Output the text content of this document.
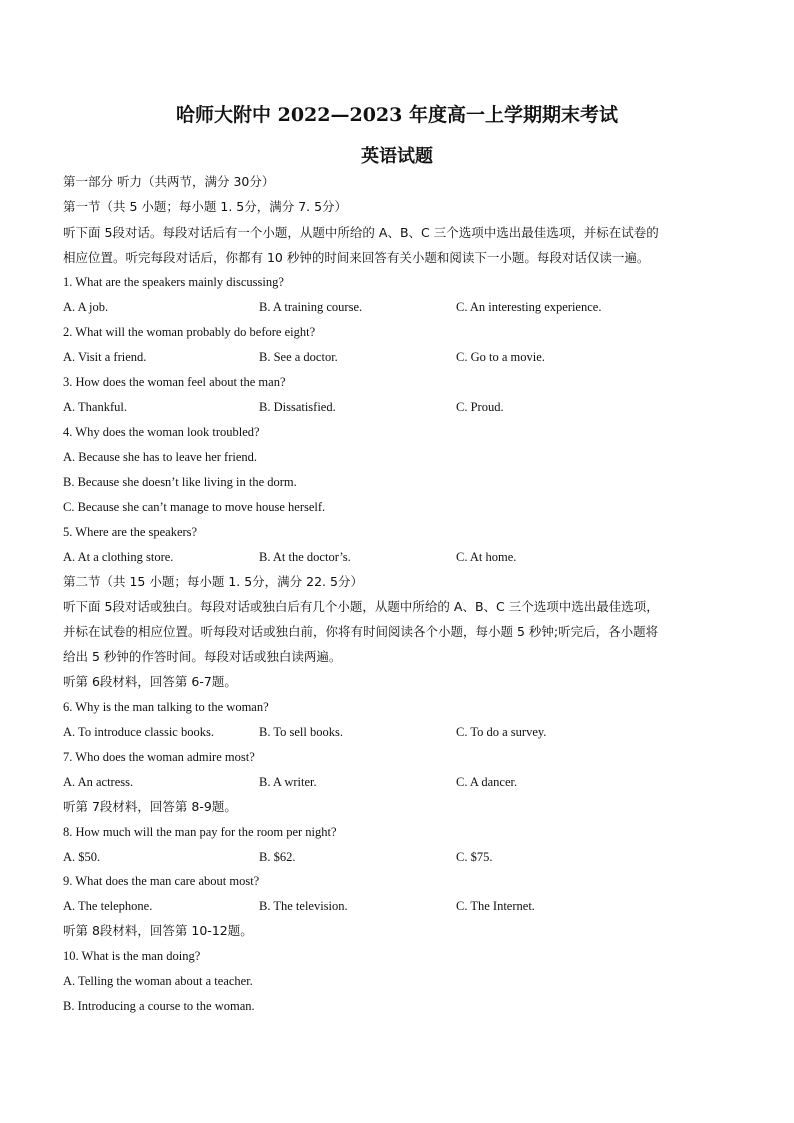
哈师大附中 2022—2023 年度高一上学期期末考试
英语试题
第一部分 听力（共两节，满分 30分）
第一节（共 5 小题；每小题 1. 5分，满分 7. 5分）
听下面 5段对话。每段对话后有一个小题，从题中所给的 A、B、C 三个选项中选出最佳选项，并标在试卷的
相应位置。听完每段对话后，你都有 10 秒钟的时间来回答有关小题和阅读下一小题。每段对话仅读一遍。
1. What are the speakers mainly discussing?
A. A job.	B. A training course.	C. An interesting experience.
2. What will the woman probably do before eight?
A. Visit a friend.	B. See a doctor.	C. Go to a movie.
3. How does the woman feel about the man?
A. Thankful.	B. Dissatisfied.	C. Proud.
4. Why does the woman look troubled?
A. Because she has to leave her friend.
B. Because she doesn’t like living in the dorm.
C. Because she can’t manage to move house herself.
5. Where are the speakers?
A. At a clothing store.	B. At the doctor’s.	C. At home.
第二节（共 15 小题；每小题 1. 5分，满分 22. 5分）
听下面 5段对话或独白。每段对话或独白后有几个小题，从题中所给的 A、B、C 三个选项中选出最佳选项，
并标在试卷的相应位置。听每段对话或独白前，你将有时间阅读各个小题，每小题 5 秒钟;听完后，各小题将
给出 5 秒钟的作答时间。每段对话或独白读两遍。
听第 6段材料，回答第 6-7题。
6. Why is the man talking to the woman?
A. To introduce classic books.	B. To sell books.	C. To do a survey.
7. Who does the woman admire most?
A. An actress.	B. A writer.	C. A dancer.
听第 7段材料，回答第 8-9题。
8. How much will the man pay for the room per night?
A. $50.	B. $62.	C. $75.
9. What does the man care about most?
A. The telephone.	B. The television.	C. The Internet.
听第 8段材料，回答第 10-12题。
10. What is the man doing?
A. Telling the woman about a teacher.
B. Introducing a course to the woman.
